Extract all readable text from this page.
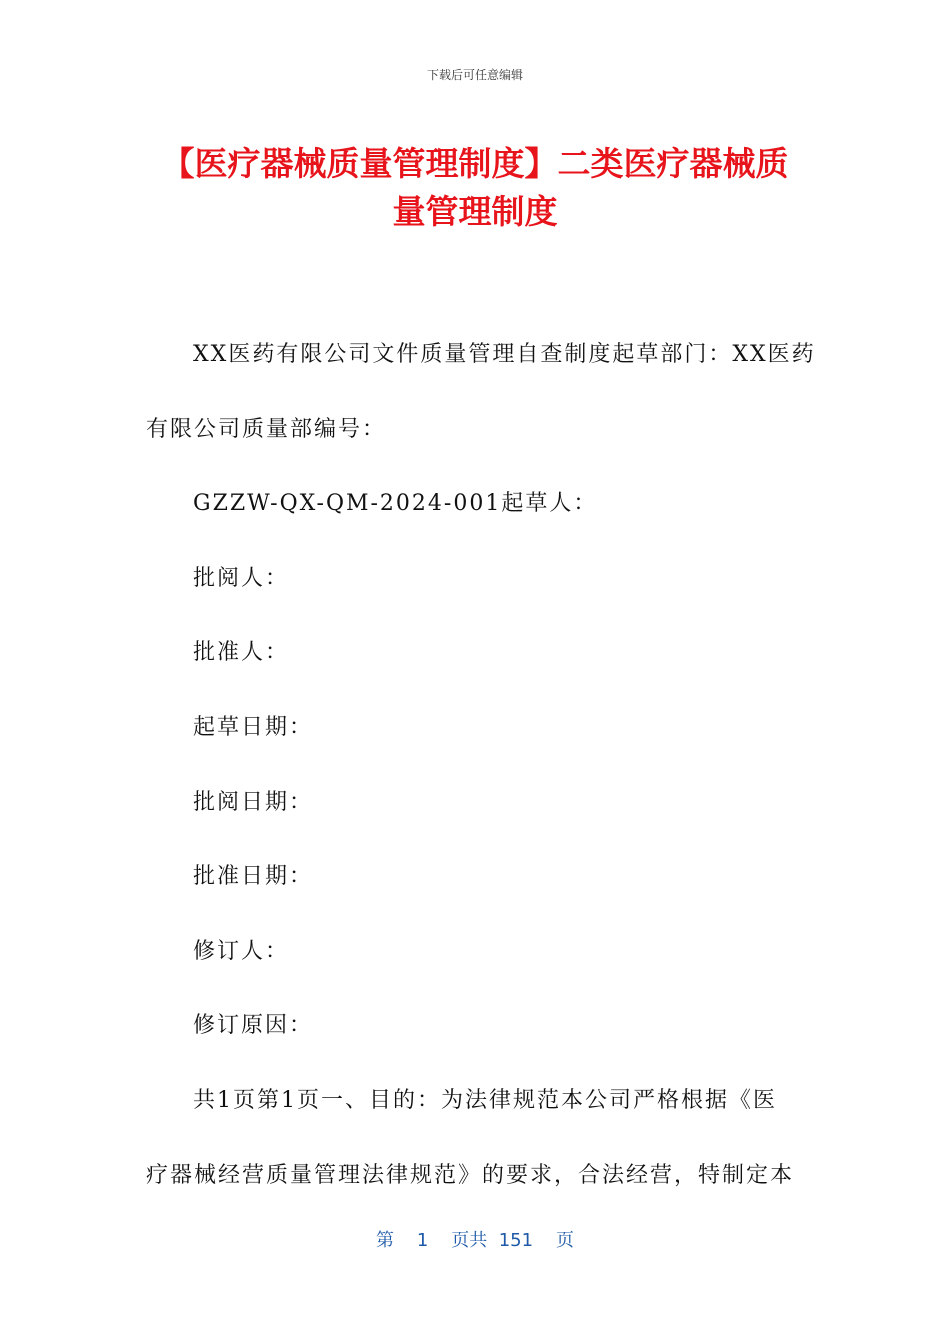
下载后可任意编辑
【医疗器械质量管理制度】二类医疗器械质
量管理制度

XX医药有限公司文件质量管理自查制度起草部门：XX医药

有限公司质量部编号：

GZZW-QX-QM-2024-001起草人：

批阅人：

批准人：

起草日期：

批阅日期：

批准日期：

修订人：

修订原因：

共1页第1页一、目的：为法律规范本公司严格根据《医

疗器械经营质量管理法律规范》的要求，合法经营，特制定本

第 1 页共 151 页
